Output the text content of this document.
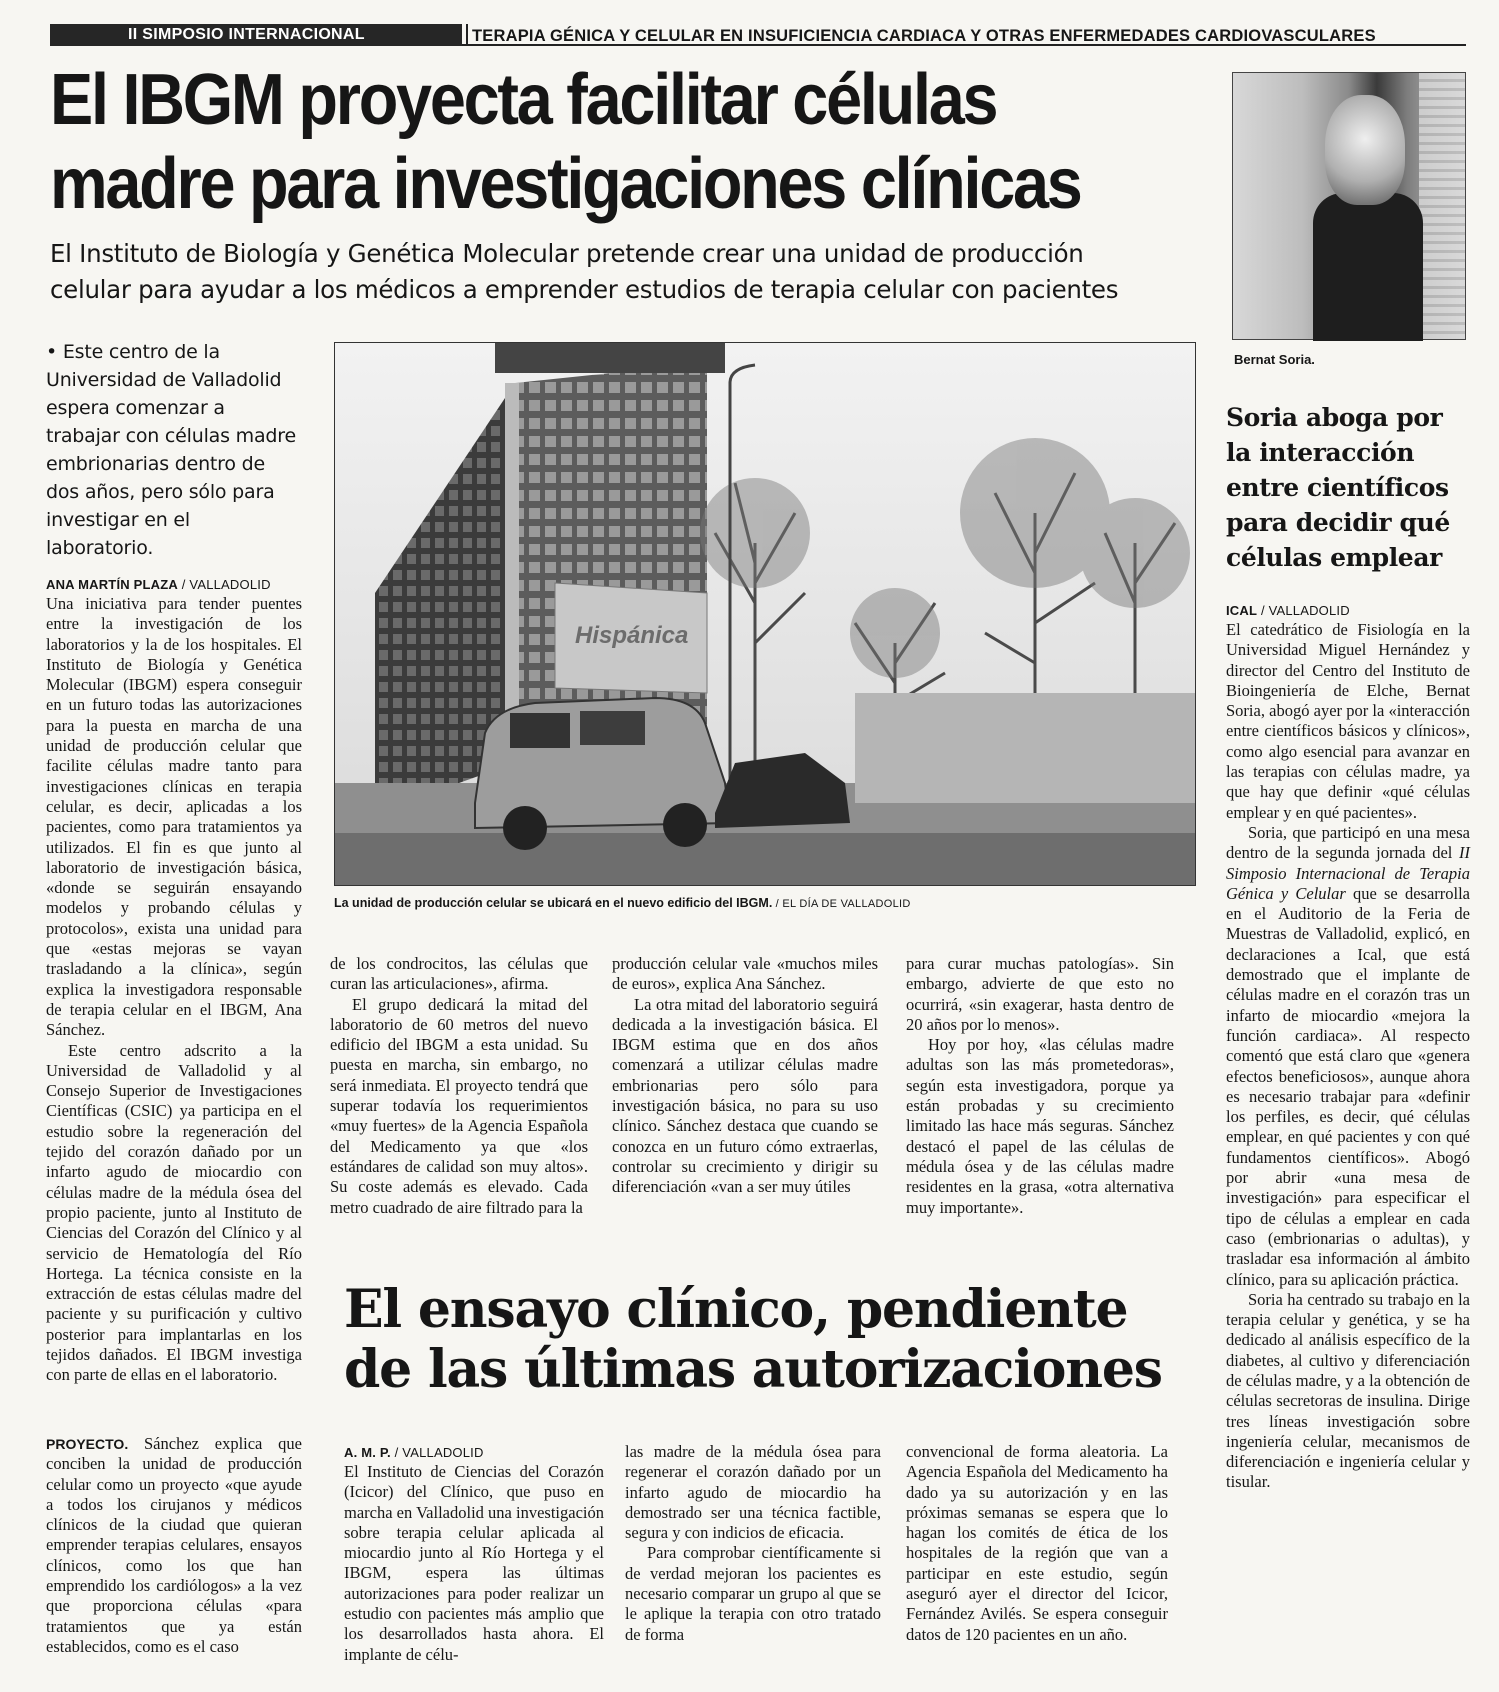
II SIMPOSIO INTERNACIONAL	TERAPIA GÉNICA Y CELULAR EN INSUFICIENCIA CARDIACA Y OTRAS ENFERMEDADES CARDIOVASCULARES
El IBGM proyecta facilitar células madre para investigaciones clínicas
El Instituto de Biología y Genética Molecular pretende crear una unidad de producción celular para ayudar a los médicos a emprender estudios de terapia celular con pacientes
Bernat Soria.
Hispánica
La unidad de producción celular se ubicará en el nuevo edificio del IBGM. / EL DÍA DE VALLADOLID
• Este centro de la Universidad de Valladolid espera comenzar a trabajar con células madre embrionarias dentro de dos años, pero sólo para investigar en el laboratorio.
ANA MARTÍN PLAZA / VALLADOLID

Una iniciativa para tender puentes entre la investigación de los laboratorios y la de los hospitales. El Instituto de Biología y Genética Molecular (IBGM) espera conseguir en un futuro todas las autorizaciones para la puesta en marcha de una unidad de producción celular que facilite células madre tanto para investigaciones clínicas en terapia celular, es decir, aplicadas a los pacientes, como para tratamientos ya utilizados. El fin es que junto al laboratorio de investigación básica, «donde se seguirán ensayando modelos y probando células y protocolos», exista una unidad para que «estas mejoras se vayan trasladando a la clínica», según explica la investigadora responsable de terapia celular en el IBGM, Ana Sánchez.

Este centro adscrito a la Universidad de Valladolid y al Consejo Superior de Investigaciones Científicas (CSIC) ya participa en el estudio sobre la regeneración del tejido del corazón dañado por un infarto agudo de miocardio con células madre de la médula ósea del propio paciente, junto al Instituto de Ciencias del Corazón del Clínico y al servicio de Hematología del Río Hortega. La técnica consiste en la extracción de estas células madre del paciente y su purificación y cultivo posterior para implantarlas en los tejidos dañados. El IBGM investiga con parte de ellas en el laboratorio.

PROYECTO. Sánchez explica que conciben la unidad de producción celular como un proyecto «que ayude a todos los cirujanos y médicos clínicos de la ciudad que quieran emprender terapias celulares, ensayos clínicos, como los que han emprendido los cardiólogos» a la vez que proporciona células «para tratamientos que ya están establecidos, como es el caso

de los condrocitos, las células que curan las articulaciones», afirma.

El grupo dedicará la mitad del laboratorio de 60 metros del nuevo edificio del IBGM a esta unidad. Su puesta en marcha, sin embargo, no será inmediata. El proyecto tendrá que superar todavía los requerimientos «muy fuertes» de la Agencia Española del Medicamento ya que «los estándares de calidad son muy altos». Su coste además es elevado. Cada metro cuadrado de aire filtrado para la

producción celular vale «muchos miles de euros», explica Ana Sánchez.

La otra mitad del laboratorio seguirá dedicada a la investigación básica. El IBGM estima que en dos años comenzará a utilizar células madre embrionarias pero sólo para investigación básica, no para su uso clínico. Sánchez destaca que cuando se conozca en un futuro cómo extraerlas, controlar su crecimiento y dirigir su diferenciación «van a ser muy útiles

para curar muchas patologías». Sin embargo, advierte de que esto no ocurrirá, «sin exagerar, hasta dentro de 20 años por lo menos».

Hoy por hoy, «las células madre adultas son las más prometedoras», según esta investigadora, porque ya están probadas y su crecimiento limitado las hace más seguras. Sánchez destacó el papel de las células de médula ósea y de las células madre residentes en la grasa, «otra alternativa muy importante».

El ensayo clínico, pendiente de las últimas autorizaciones
A. M. P. / VALLADOLID

El Instituto de Ciencias del Corazón (Icicor) del Clínico, que puso en marcha en Valladolid una investigación sobre terapia celular aplicada al miocardio junto al Río Hortega y el IBGM, espera las últimas autorizaciones para poder realizar un estudio con pacientes más amplio que los desarrollados hasta ahora. El implante de célu-

las madre de la médula ósea para regenerar el corazón dañado por un infarto agudo de miocardio ha demostrado ser una técnica factible, segura y con indicios de eficacia.

Para comprobar científicamente si de verdad mejoran los pacientes es necesario comparar un grupo al que se le aplique la terapia con otro tratado de forma

convencional de forma aleatoria. La Agencia Española del Medicamento ha dado ya su autorización y en las próximas semanas se espera que lo hagan los comités de ética de los hospitales de la región que van a participar en este estudio, según aseguró ayer el director del Icicor, Fernández Avilés. Se espera conseguir datos de 120 pacientes en un año.

Soria aboga por la interacción entre científicos para decidir qué células emplear
ICAL / VALLADOLID

El catedrático de Fisiología en la Universidad Miguel Hernández y director del Centro del Instituto de Bioingeniería de Elche, Bernat Soria, abogó ayer por la «interacción entre científicos básicos y clínicos», como algo esencial para avanzar en las terapias con células madre, ya que hay que definir «qué células emplear y en qué pacientes».

Soria, que participó en una mesa dentro de la segunda jornada del II Simposio Internacional de Terapia Génica y Celular que se desarrolla en el Auditorio de la Feria de Muestras de Valladolid, explicó, en declaraciones a Ical, que está demostrado que el implante de células madre en el corazón tras un infarto de miocardio «mejora la función cardiaca». Al respecto comentó que está claro que «genera efectos beneficiosos», aunque ahora es necesario trabajar para «definir los perfiles, es decir, qué células emplear, en qué pacientes y con qué fundamentos científicos». Abogó por abrir «una mesa de investigación» para especificar el tipo de células a emplear en cada caso (embrionarias o adultas), y trasladar esa información al ámbito clínico, para su aplicación práctica.

Soria ha centrado su trabajo en la terapia celular y genética, y se ha dedicado al análisis específico de la diabetes, al cultivo y diferenciación de células madre, y a la obtención de células secretoras de insulina. Dirige tres líneas investigación sobre ingeniería celular, mecanismos de diferenciación e ingeniería celular y tisular.
